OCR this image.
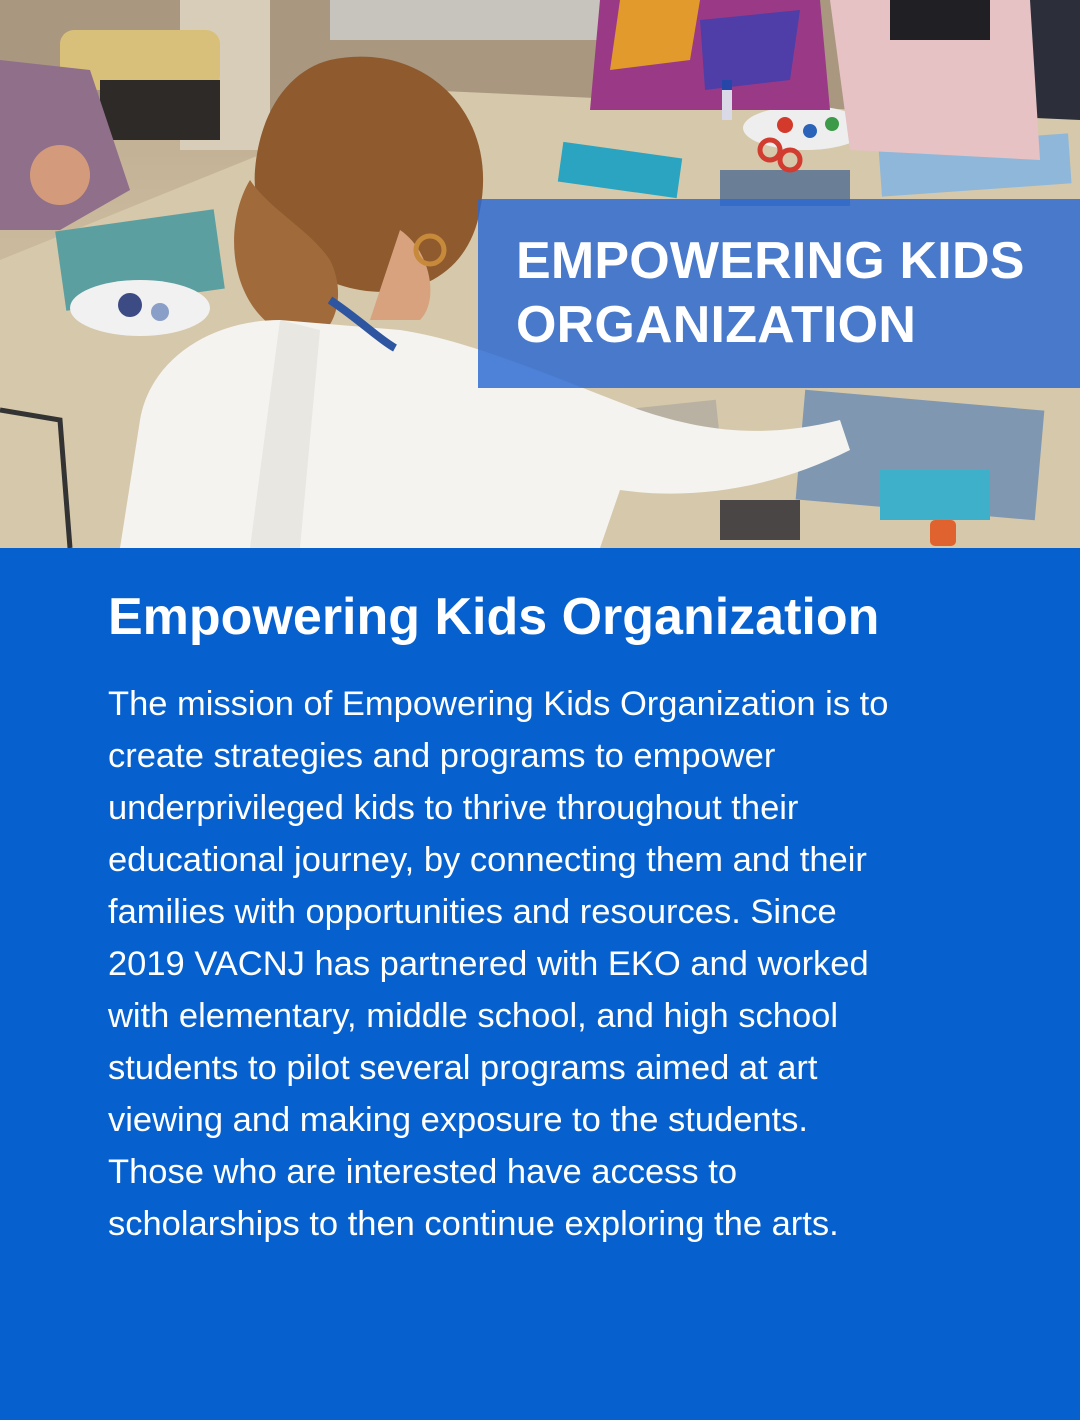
EMPOWERING KIDS
ORGANIZATION
Empowering Kids Organization

The mission of Empowering Kids Organization is to
create strategies and programs to empower
underprivileged kids to thrive throughout their
educational journey, by connecting them and their
families with opportunities and resources. Since
2019 VACNJ has partnered with EKO and worked
with elementary, middle school, and high school
students to pilot several programs aimed at art
viewing and making exposure to the students.
Those who are interested have access to
scholarships to then continue exploring the arts.
